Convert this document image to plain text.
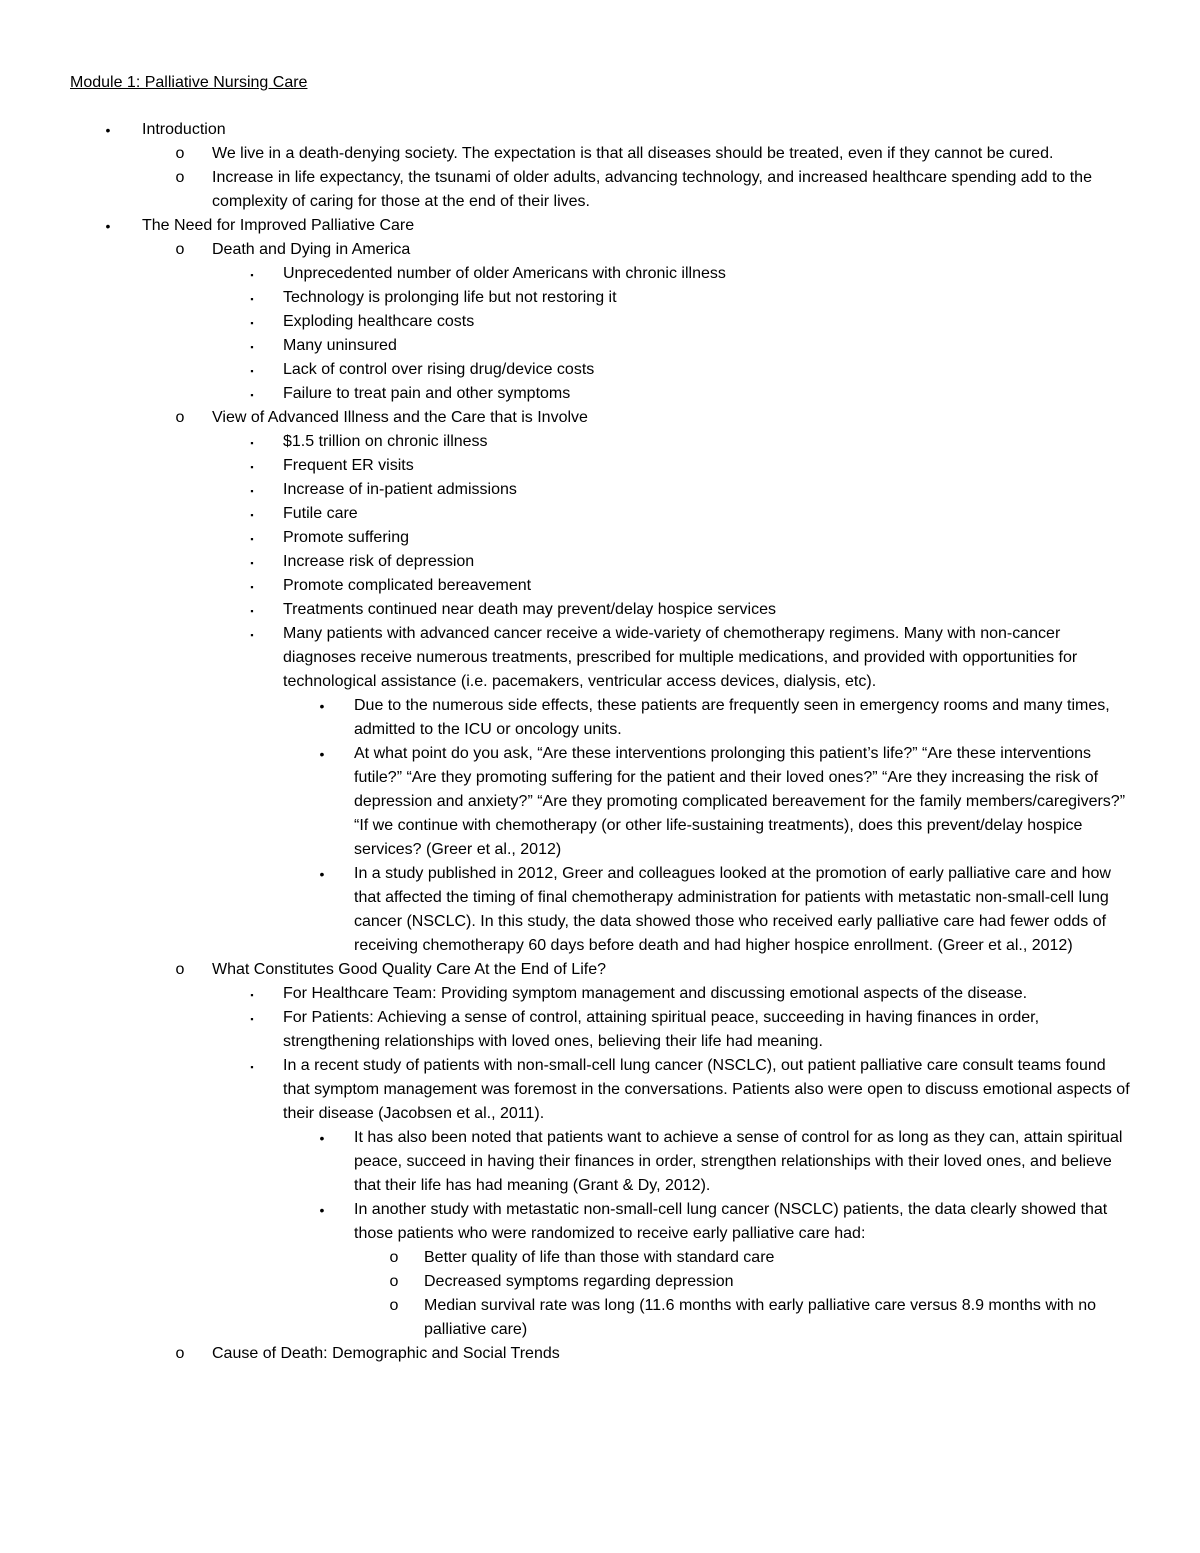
Module 1: Palliative Nursing Care
•	Introduction
o We live in a death-denying society. The expectation is that all diseases should be treated, even if they cannot be cured.
o Increase in life expectancy, the tsunami of older adults, advancing technology, and increased healthcare spending add to the complexity of caring for those at the end of their lives.
•	The Need for Improved Palliative Care
o Death and Dying in America
▪	Unprecedented number of older Americans with chronic illness
▪	Technology is prolonging life but not restoring it
▪	Exploding healthcare costs
▪	Many uninsured
▪	Lack of control over rising drug/device costs
▪	Failure to treat pain and other symptoms
o View of Advanced Illness and the Care that is Involve
▪	$1.5 trillion on chronic illness
▪	Frequent ER visits
▪	Increase of in-patient admissions
▪	Futile care
▪	Promote suffering
▪	Increase risk of depression
▪	Promote complicated bereavement
▪	Treatments continued near death may prevent/delay hospice services
▪	Many patients with advanced cancer receive a wide-variety of chemotherapy regimens. Many with non-cancer diagnoses receive numerous treatments, prescribed for multiple medications, and provided with opportunities for technological assistance (i.e. pacemakers, ventricular access devices, dialysis, etc).
•	Due to the numerous side effects, these patients are frequently seen in emergency rooms and many times, admitted to the ICU or oncology units.
•	At what point do you ask, “Are these interventions prolonging this patient’s life?” “Are these interventions futile?” “Are they promoting suffering for the patient and their loved ones?” “Are they increasing the risk of depression and anxiety?” “Are they promoting complicated bereavement for the family members/caregivers?” “If we continue with chemotherapy (or other life-sustaining treatments), does this prevent/delay hospice services? (Greer et al., 2012)
•	In a study published in 2012, Greer and colleagues looked at the promotion of early palliative care and how that affected the timing of final chemotherapy administration for patients with metastatic non-small-cell lung cancer (NSCLC). In this study, the data showed those who received early palliative care had fewer odds of receiving chemotherapy 60 days before death and had higher hospice enrollment. (Greer et al., 2012)
o What Constitutes Good Quality Care At the End of Life?
▪	For Healthcare Team: Providing symptom management and discussing emotional aspects of the disease.
▪	For Patients: Achieving a sense of control, attaining spiritual peace, succeeding in having finances in order, strengthening relationships with loved ones, believing their life had meaning.
▪	In a recent study of patients with non-small-cell lung cancer (NSCLC), out patient palliative care consult teams found that symptom management was foremost in the conversations. Patients also were open to discuss emotional aspects of their disease (Jacobsen et al., 2011).
•	It has also been noted that patients want to achieve a sense of control for as long as they can, attain spiritual peace, succeed in having their finances in order, strengthen relationships with their loved ones, and believe that their life has had meaning (Grant & Dy, 2012).
•	In another study with metastatic non-small-cell lung cancer (NSCLC) patients, the data clearly showed that those patients who were randomized to receive early palliative care had:
o Better quality of life than those with standard care
o Decreased symptoms regarding depression
o Median survival rate was long (11.6 months with early palliative care versus 8.9 months with no palliative care)
o Cause of Death: Demographic and Social Trends
